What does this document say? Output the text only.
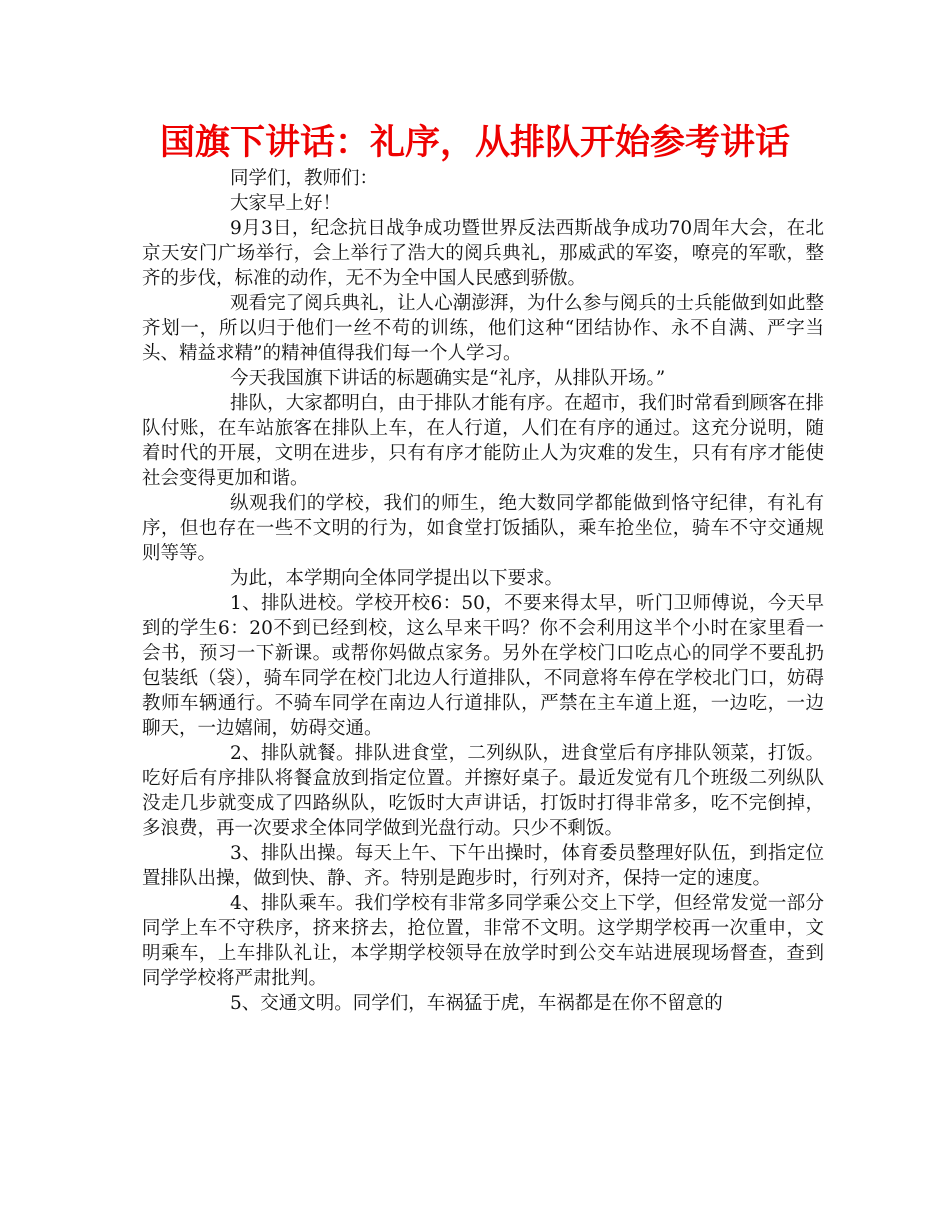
国旗下讲话：礼序，从排队开始参考讲话

同学们，教师们：

大家早上好！

9月3日，纪念抗日战争成功暨世界反法西斯战争成功70周年大会，在北京天安门广场举行，会上举行了浩大的阅兵典礼，那威武的军姿，嘹亮的军歌，整齐的步伐，标准的动作，无不为全中国人民感到骄傲。

观看完了阅兵典礼，让人心潮澎湃，为什么参与阅兵的士兵能做到如此整齐划一，所以归于他们一丝不苟的训练，他们这种“团结协作、永不自满、严字当头、精益求精”的精神值得我们每一个人学习。

今天我国旗下讲话的标题确实是“礼序，从排队开场。”

排队，大家都明白，由于排队才能有序。在超市，我们时常看到顾客在排队付账，在车站旅客在排队上车，在人行道，人们在有序的通过。这充分说明，随着时代的开展，文明在进步，只有有序才能防止人为灾难的发生，只有有序才能使社会变得更加和谐。

纵观我们的学校，我们的师生，绝大数同学都能做到恪守纪律，有礼有序，但也存在一些不文明的行为，如食堂打饭插队，乘车抢坐位，骑车不守交通规则等等。

为此，本学期向全体同学提出以下要求。

1、排队进校。学校开校6：50，不要来得太早，听门卫师傅说，今天早到的学生6：20不到已经到校，这么早来干吗？你不会利用这半个小时在家里看一会书，预习一下新课。或帮你妈做点家务。另外在学校门口吃点心的同学不要乱扔包装纸（袋），骑车同学在校门北边人行道排队，不同意将车停在学校北门口，妨碍教师车辆通行。不骑车同学在南边人行道排队，严禁在主车道上逛，一边吃，一边聊天，一边嬉闹，妨碍交通。

2、排队就餐。排队进食堂，二列纵队，进食堂后有序排队领菜，打饭。吃好后有序排队将餐盒放到指定位置。并擦好桌子。最近发觉有几个班级二列纵队没走几步就变成了四路纵队，吃饭时大声讲话，打饭时打得非常多，吃不完倒掉，多浪费，再一次要求全体同学做到光盘行动。只少不剩饭。

3、排队出操。每天上午、下午出操时，体育委员整理好队伍，到指定位置排队出操，做到快、静、齐。特别是跑步时，行列对齐，保持一定的速度。

4、排队乘车。我们学校有非常多同学乘公交上下学，但经常发觉一部分同学上车不守秩序，挤来挤去，抢位置，非常不文明。这学期学校再一次重申，文明乘车，上车排队礼让，本学期学校领导在放学时到公交车站进展现场督查，查到同学学校将严肃批判。

5、交通文明。同学们，车祸猛于虎，车祸都是在你不留意的
